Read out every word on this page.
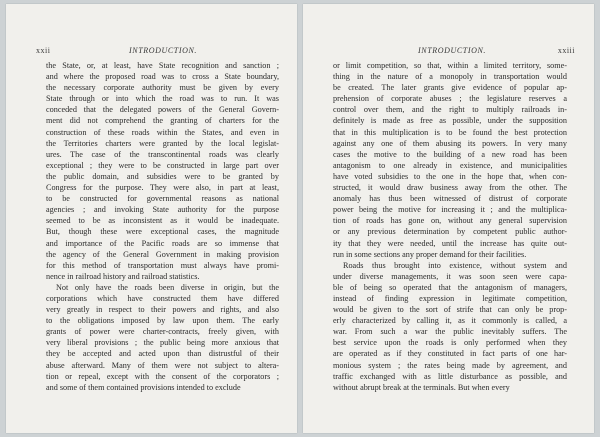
xxii	INTRODUCTION.
the State, or, at least, have State recognition and sanction ;
and where the proposed road was to cross a State boundary,
the necessary corporate authority must be given by every
State through or into which the road was to run. It was
conceded that the delegated powers of the General Govern-
ment did not comprehend the granting of charters for the
construction of these roads within the States, and even in
the Territories charters were granted by the local legislat-
ures. The case of the transcontinental roads was clearly
exceptional ; they were to be constructed in large part over
the public domain, and subsidies were to be granted by
Congress for the purpose. They were also, in part at least,
to be constructed for governmental reasons as national
agencies ; and invoking State authority for the purpose
seemed to be as inconsistent as it would be inadequate.
But, though these were exceptional cases, the magnitude
and importance of the Pacific roads are so immense that
the agency of the General Government in making provision
for this method of transportation must always have promi-
nence in railroad history and railroad statistics.
Not only have the roads been diverse in origin, but the
corporations which have constructed them have differed
very greatly in respect to their powers and rights, and also
to the obligations imposed by law upon them. The early
grants of power were charter-contracts, freely given, with
very liberal provisions ; the public being more anxious that
they be accepted and acted upon than distrustful of their
abuse afterward. Many of them were not subject to altera-
tion or repeal, except with the consent of the corporators ;
and some of them contained provisions intended to exclude
INTRODUCTION.	xxiii
or limit competition, so that, within a limited territory, some-
thing in the nature of a monopoly in transportation would
be created. The later grants give evidence of popular ap-
prehension of corporate abuses ; the legislature reserves a
control over them, and the right to multiply railroads in-
definitely is made as free as possible, under the supposition
that in this multiplication is to be found the best protection
against any one of them abusing its powers. In very many
cases the motive to the building of a new road has been
antagonism to one already in existence, and municipalities
have voted subsidies to the one in the hope that, when con-
structed, it would draw business away from the other. The
anomaly has thus been witnessed of distrust of corporate
power being the motive for increasing it ; and the multiplica-
tion of roads has gone on, without any general supervision
or any previous determination by competent public author-
ity that they were needed, until the increase has quite out-
run in some sections any proper demand for their facilities.
Roads thus brought into existence, without system and
under diverse managements, it was soon seen were capa-
ble of being so operated that the antagonism of managers,
instead of finding expression in legitimate competition,
would be given to the sort of strife that can only be prop-
erly characterized by calling it, as it commonly is called, a
war. From such a war the public inevitably suffers. The
best service upon the roads is only performed when they
are operated as if they constituted in fact parts of one har-
monious system ; the rates being made by agreement, and
traffic exchanged with as little disturbance as possible, and
without abrupt break at the terminals. But when every
